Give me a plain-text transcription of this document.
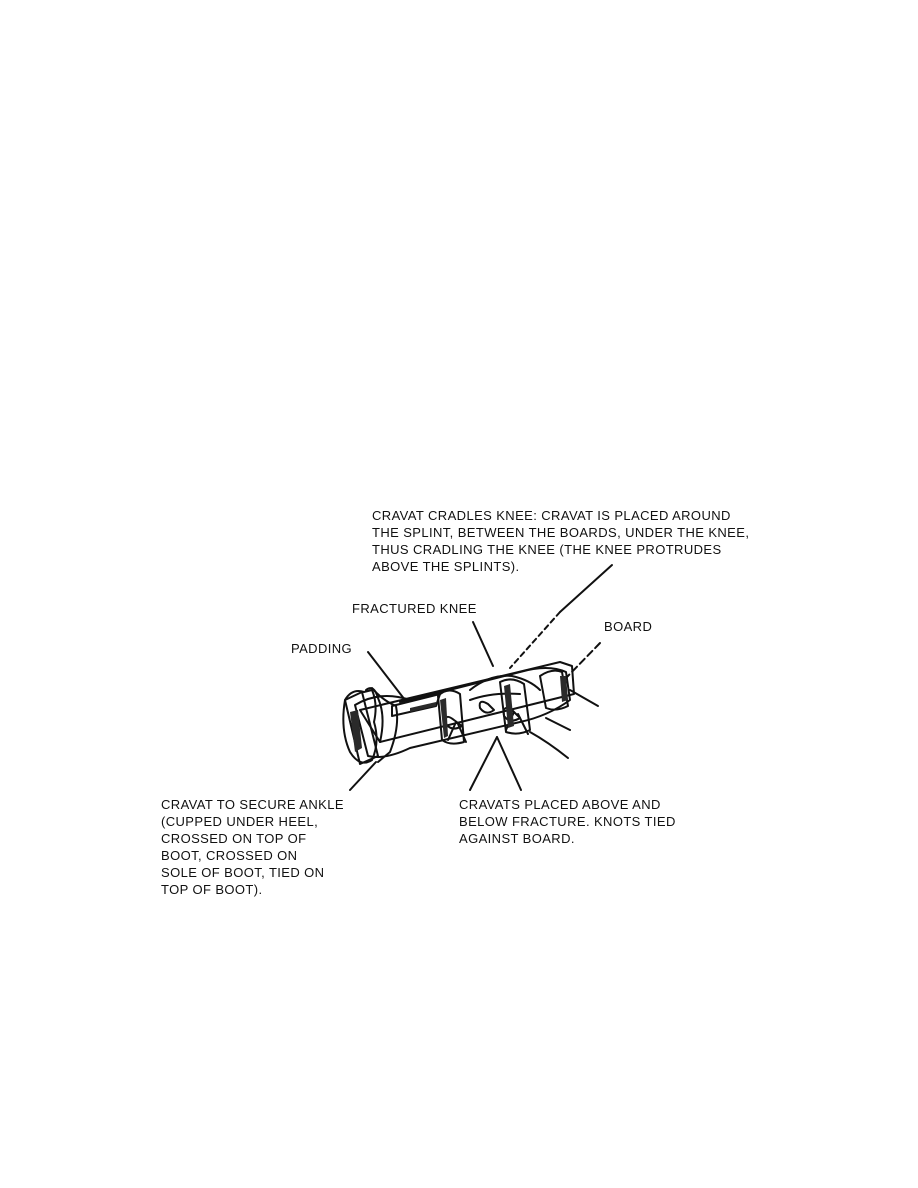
CRAVAT CRADLES KNEE: CRAVAT IS PLACED AROUND
THE SPLINT, BETWEEN THE BOARDS, UNDER THE KNEE,
THUS CRADLING THE KNEE (THE KNEE PROTRUDES
ABOVE THE SPLINTS).
FRACTURED KNEE
BOARD
PADDING
CRAVAT TO SECURE ANKLE
(CUPPED UNDER HEEL,
CROSSED ON TOP OF
BOOT, CROSSED ON
SOLE OF BOOT, TIED ON
TOP OF BOOT).
CRAVATS PLACED ABOVE AND
BELOW FRACTURE. KNOTS TIED
AGAINST BOARD.
